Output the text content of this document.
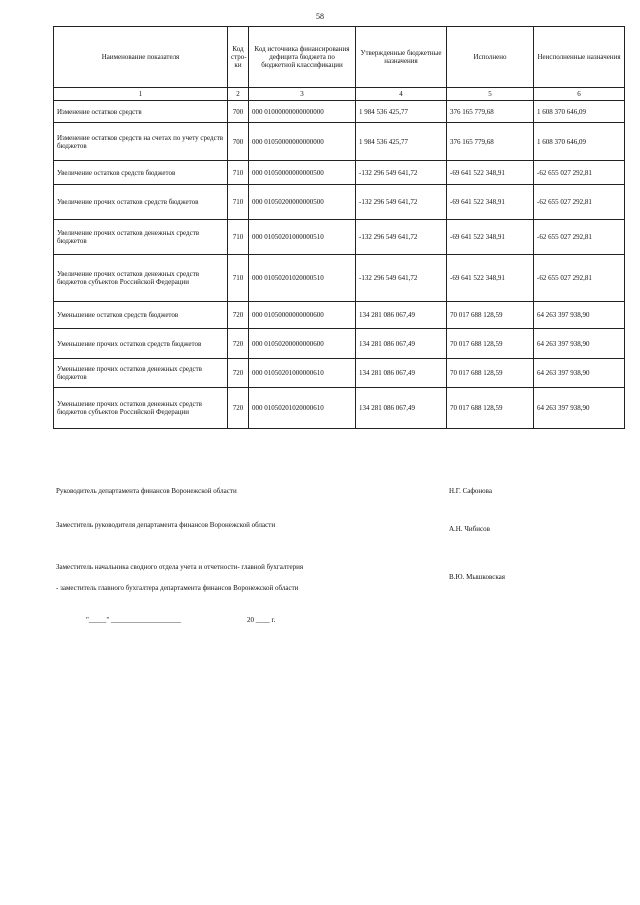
58
Наименование показателя	Код стро-ки	Код источника финансирования дефицита бюджета по бюджетной классификации	Утвержденные бюджетные назначения	Исполнено	Неисполненные назначения
1	2	3	4	5	6
Изменение остатков средств	700	000 01000000000000000	1 984 536 425,77	376 165 779,68	1 608 370 646,09
Изменение остатков средств на счетах по учету средств бюджетов	700	000 01050000000000000	1 984 536 425,77	376 165 779,68	1 608 370 646,09
Увеличение остатков средств бюджетов	710	000 01050000000000500	-132 296 549 641,72	-69 641 522 348,91	-62 655 027 292,81
Увеличение прочих остатков средств бюджетов	710	000 01050200000000500	-132 296 549 641,72	-69 641 522 348,91	-62 655 027 292,81
Увеличение прочих остатков денежных средств бюджетов	710	000 01050201000000510	-132 296 549 641,72	-69 641 522 348,91	-62 655 027 292,81
Увеличение прочих остатков денежных средств бюджетов субъектов Российской Федерации	710	000 01050201020000510	-132 296 549 641,72	-69 641 522 348,91	-62 655 027 292,81
Уменьшение остатков средств бюджетов	720	000 01050000000000600	134 281 086 067,49	70 017 688 128,59	64 263 397 938,90
Уменьшение прочих остатков средств бюджетов	720	000 01050200000000600	134 281 086 067,49	70 017 688 128,59	64 263 397 938,90
Уменьшение прочих остатков денежных средств бюджетов	720	000 01050201000000610	134 281 086 067,49	70 017 688 128,59	64 263 397 938,90
Уменьшение прочих остатков денежных средств бюджетов субъектов Российской Федерации	720	000 01050201020000610	134 281 086 067,49	70 017 688 128,59	64 263 397 938,90
Руководитель департамента финансов Воронежской области	Н.Г. Сафонова
Заместитель руководителя департамента финансов Воронежской области	А.Н. Чибисов
Заместитель начальника сводного отдела учета и отчетности- главной бухгалтерия
В.Ю. Мышковская
- заместитель главного бухгалтера департамента финансов Воронежской области
"_____" ____________________	20 ____ г.
